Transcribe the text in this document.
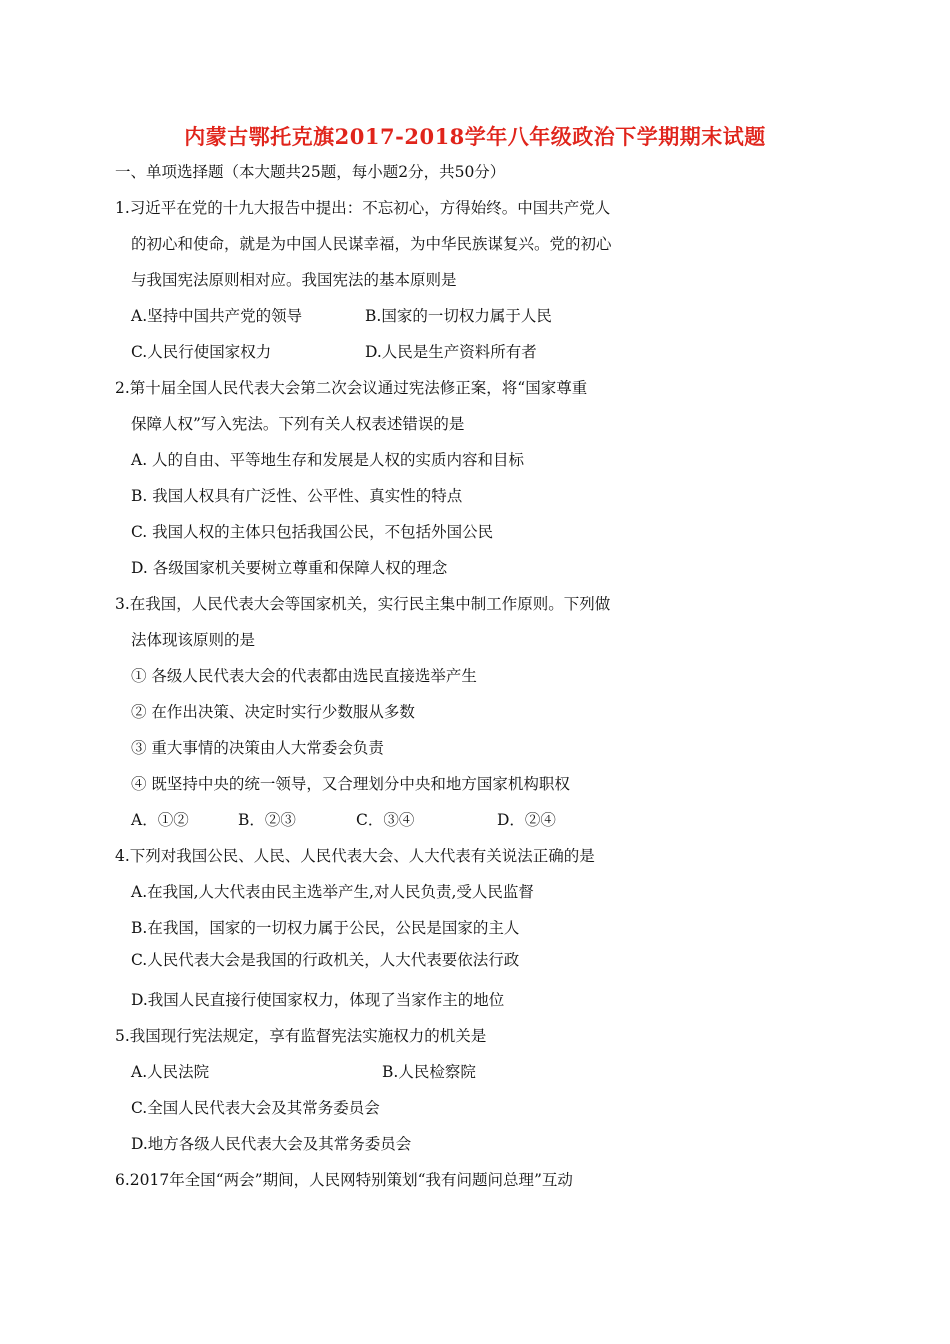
内蒙古鄂托克旗2017-2018学年八年级政治下学期期末试题
一、单项选择题（本大题共25题，每小题2分，共50分）
1.习近平在党的十九大报告中提出：不忘初心，方得始终。中国共产党人
的初心和使命，就是为中国人民谋幸福，为中华民族谋复兴。党的初心
与我国宪法原则相对应。我国宪法的基本原则是
A.坚持中国共产党的领导	B.国家的一切权力属于人民
C.人民行使国家权力	D.人民是生产资料所有者
2.第十届全国人民代表大会第二次会议通过宪法修正案，将“国家尊重
保障人权”写入宪法。下列有关人权表述错误的是
A. 人的自由、平等地生存和发展是人权的实质内容和目标
B. 我国人权具有广泛性、公平性、真实性的特点
C. 我国人权的主体只包括我国公民，不包括外国公民
D. 各级国家机关要树立尊重和保障人权的理念
3.在我国，人民代表大会等国家机关，实行民主集中制工作原则。下列做
法体现该原则的是
① 各级人民代表大会的代表都由选民直接选举产生
② 在作出决策、决定时实行少数服从多数
③ 重大事情的决策由人大常委会负责
④ 既坚持中央的统一领导，又合理划分中央和地方国家机构职权
A．①②	B．②③	C．③④	D．②④
4.下列对我国公民、人民、人民代表大会、人大代表有关说法正确的是
A.在我国,人大代表由民主选举产生,对人民负责,受人民监督
B.在我国，国家的一切权力属于公民，公民是国家的主人
C.人民代表大会是我国的行政机关，人大代表要依法行政
D.我国人民直接行使国家权力，体现了当家作主的地位
5.我国现行宪法规定，享有监督宪法实施权力的机关是
A.人民法院	B.人民检察院
C.全国人民代表大会及其常务委员会
D.地方各级人民代表大会及其常务委员会
6.2017年全国“两会”期间，人民网特别策划“我有问题问总理”互动
